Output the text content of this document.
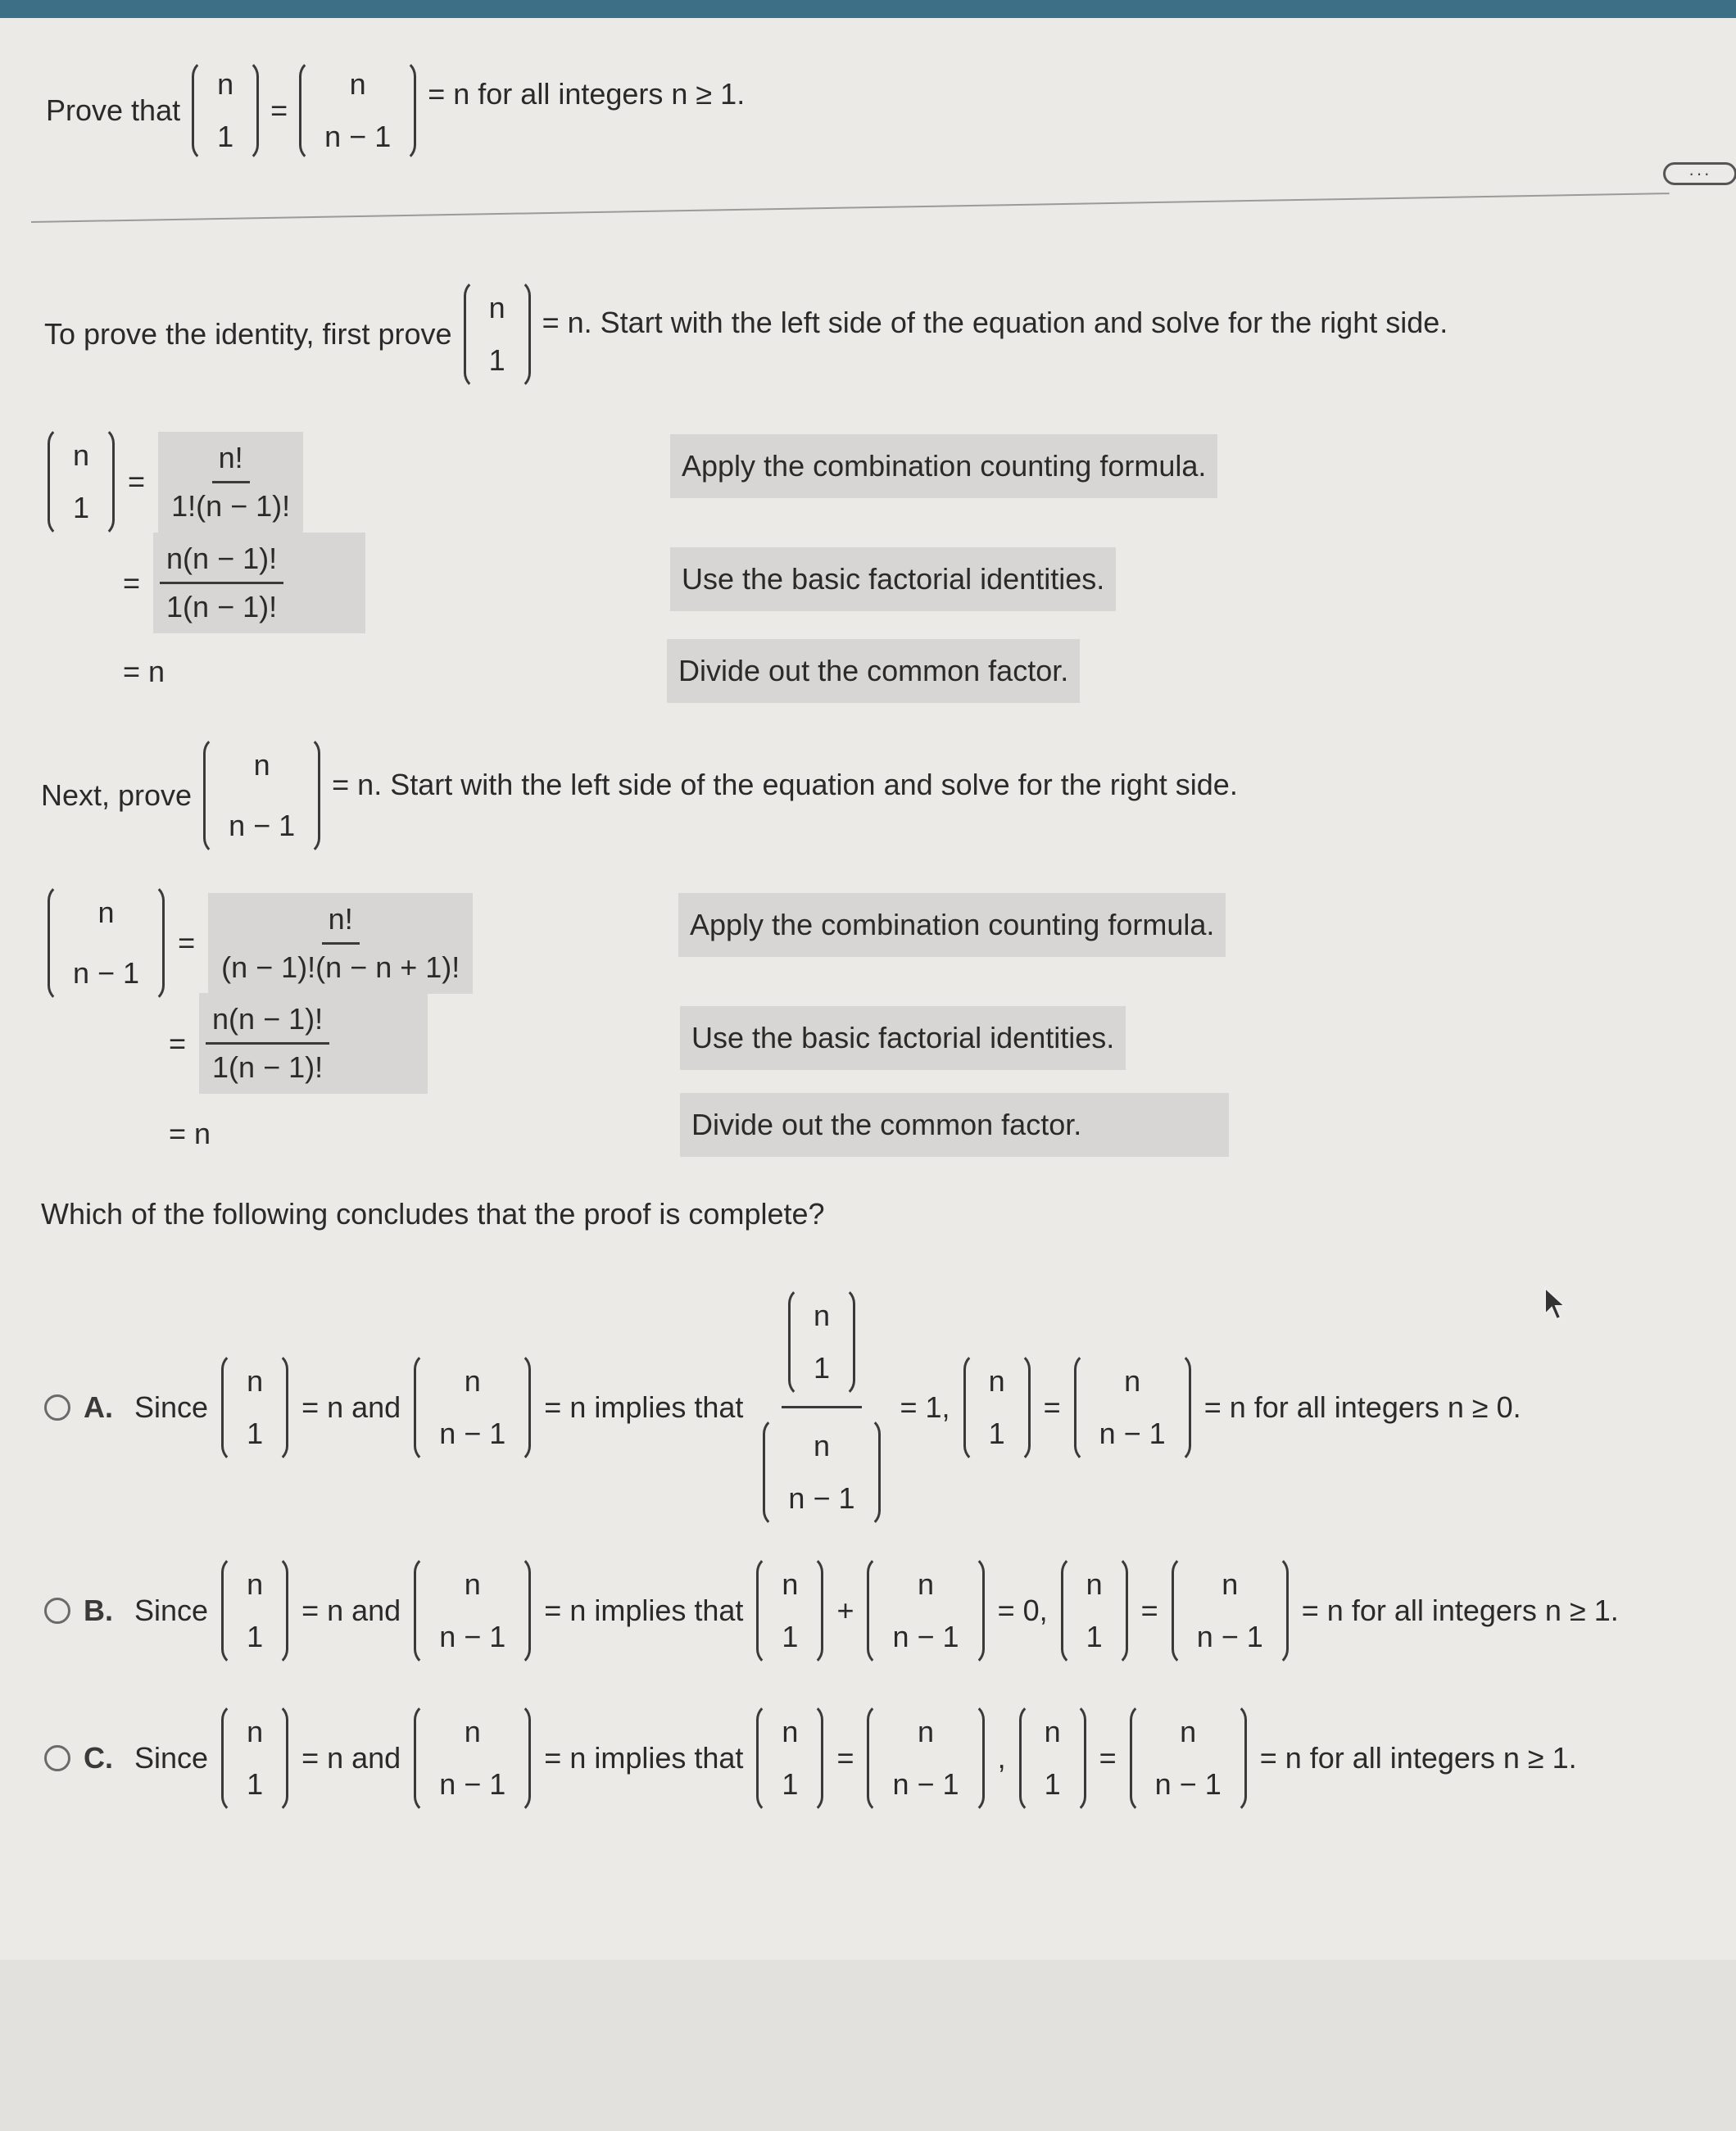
Prove that
n
1
=
n
n − 1
= n for all integers n ≥ 1.
···
To prove the identity, first prove
n
1
= n. Start with the left side of the equation and solve for the right side.
n
1
= $\frac{n!}{1!(n - 1)!}$
= $\frac{n(n - 1)!}{1(n - 1)!}$
= n
Apply the combination counting formula.
Use the basic factorial identities.
Divide out the common factor.
Next, prove
n
n − 1
= n. Start with the left side of the equation and solve for the right side.
n
n − 1
= $\frac{n!}{(n - 1)!(n - n + 1)!}$
= $\frac{n(n - 1)!}{1(n - 1)!}$
= n
Apply the combination counting formula.
Use the basic factorial identities.
Divide out the common factor.
Which of the following concludes that the proof is complete?
A. Since
n
1
= n and
n
n − 1
= n implies that n
1
n
n − 1 = 1,
n
1
=
n
n − 1
= n for all integers n ≥ 0.
B. Since
n
1
= n and
n
n − 1
= n implies that
n
1
+
n
n − 1
= 0,
n
1
=
n
n − 1
= n for all integers n ≥ 1.
C. Since
n
1
= n and
n
n − 1
= n implies that
n
1
=
n
n − 1
,
n
1
=
n
n − 1
= n for all integers n ≥ 1.
